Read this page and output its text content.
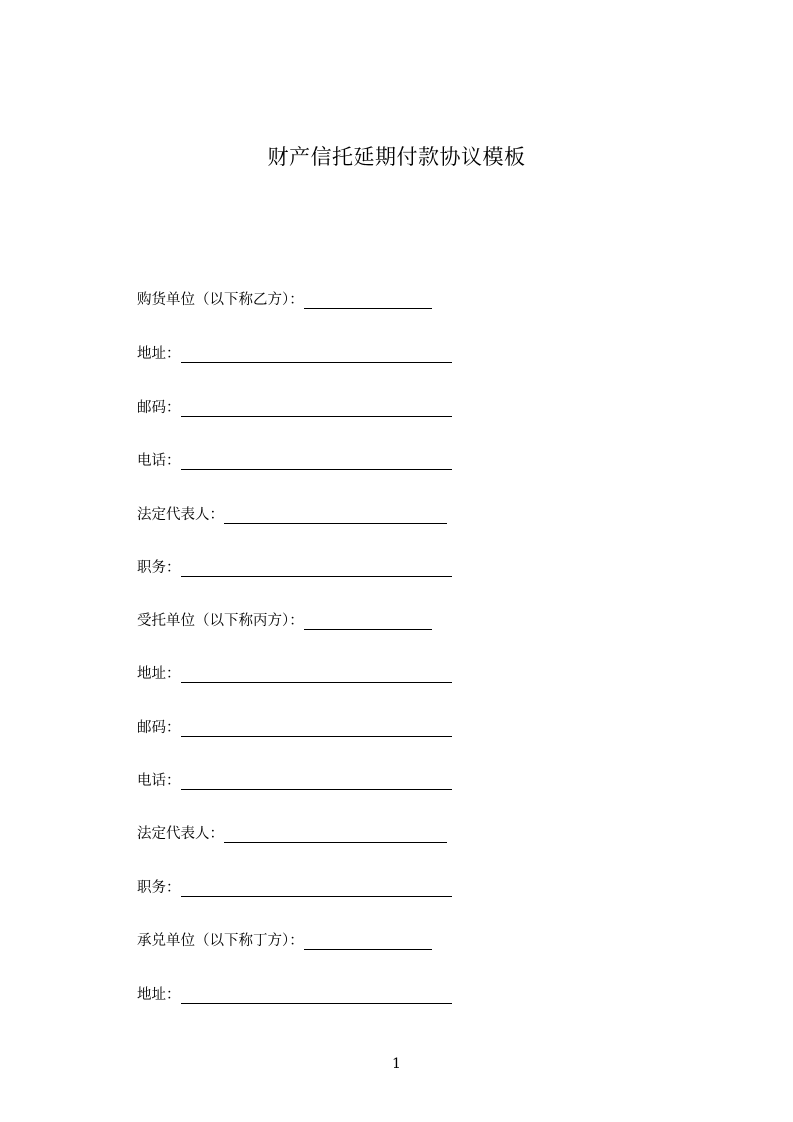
财产信托延期付款协议模板
购货单位（以下称乙方）：
地址：
邮码：
电话：
法定代表人：
职务：
受托单位（以下称丙方）：
地址：
邮码：
电话：
法定代表人：
职务：
承兑单位（以下称丁方）：
地址：
1
